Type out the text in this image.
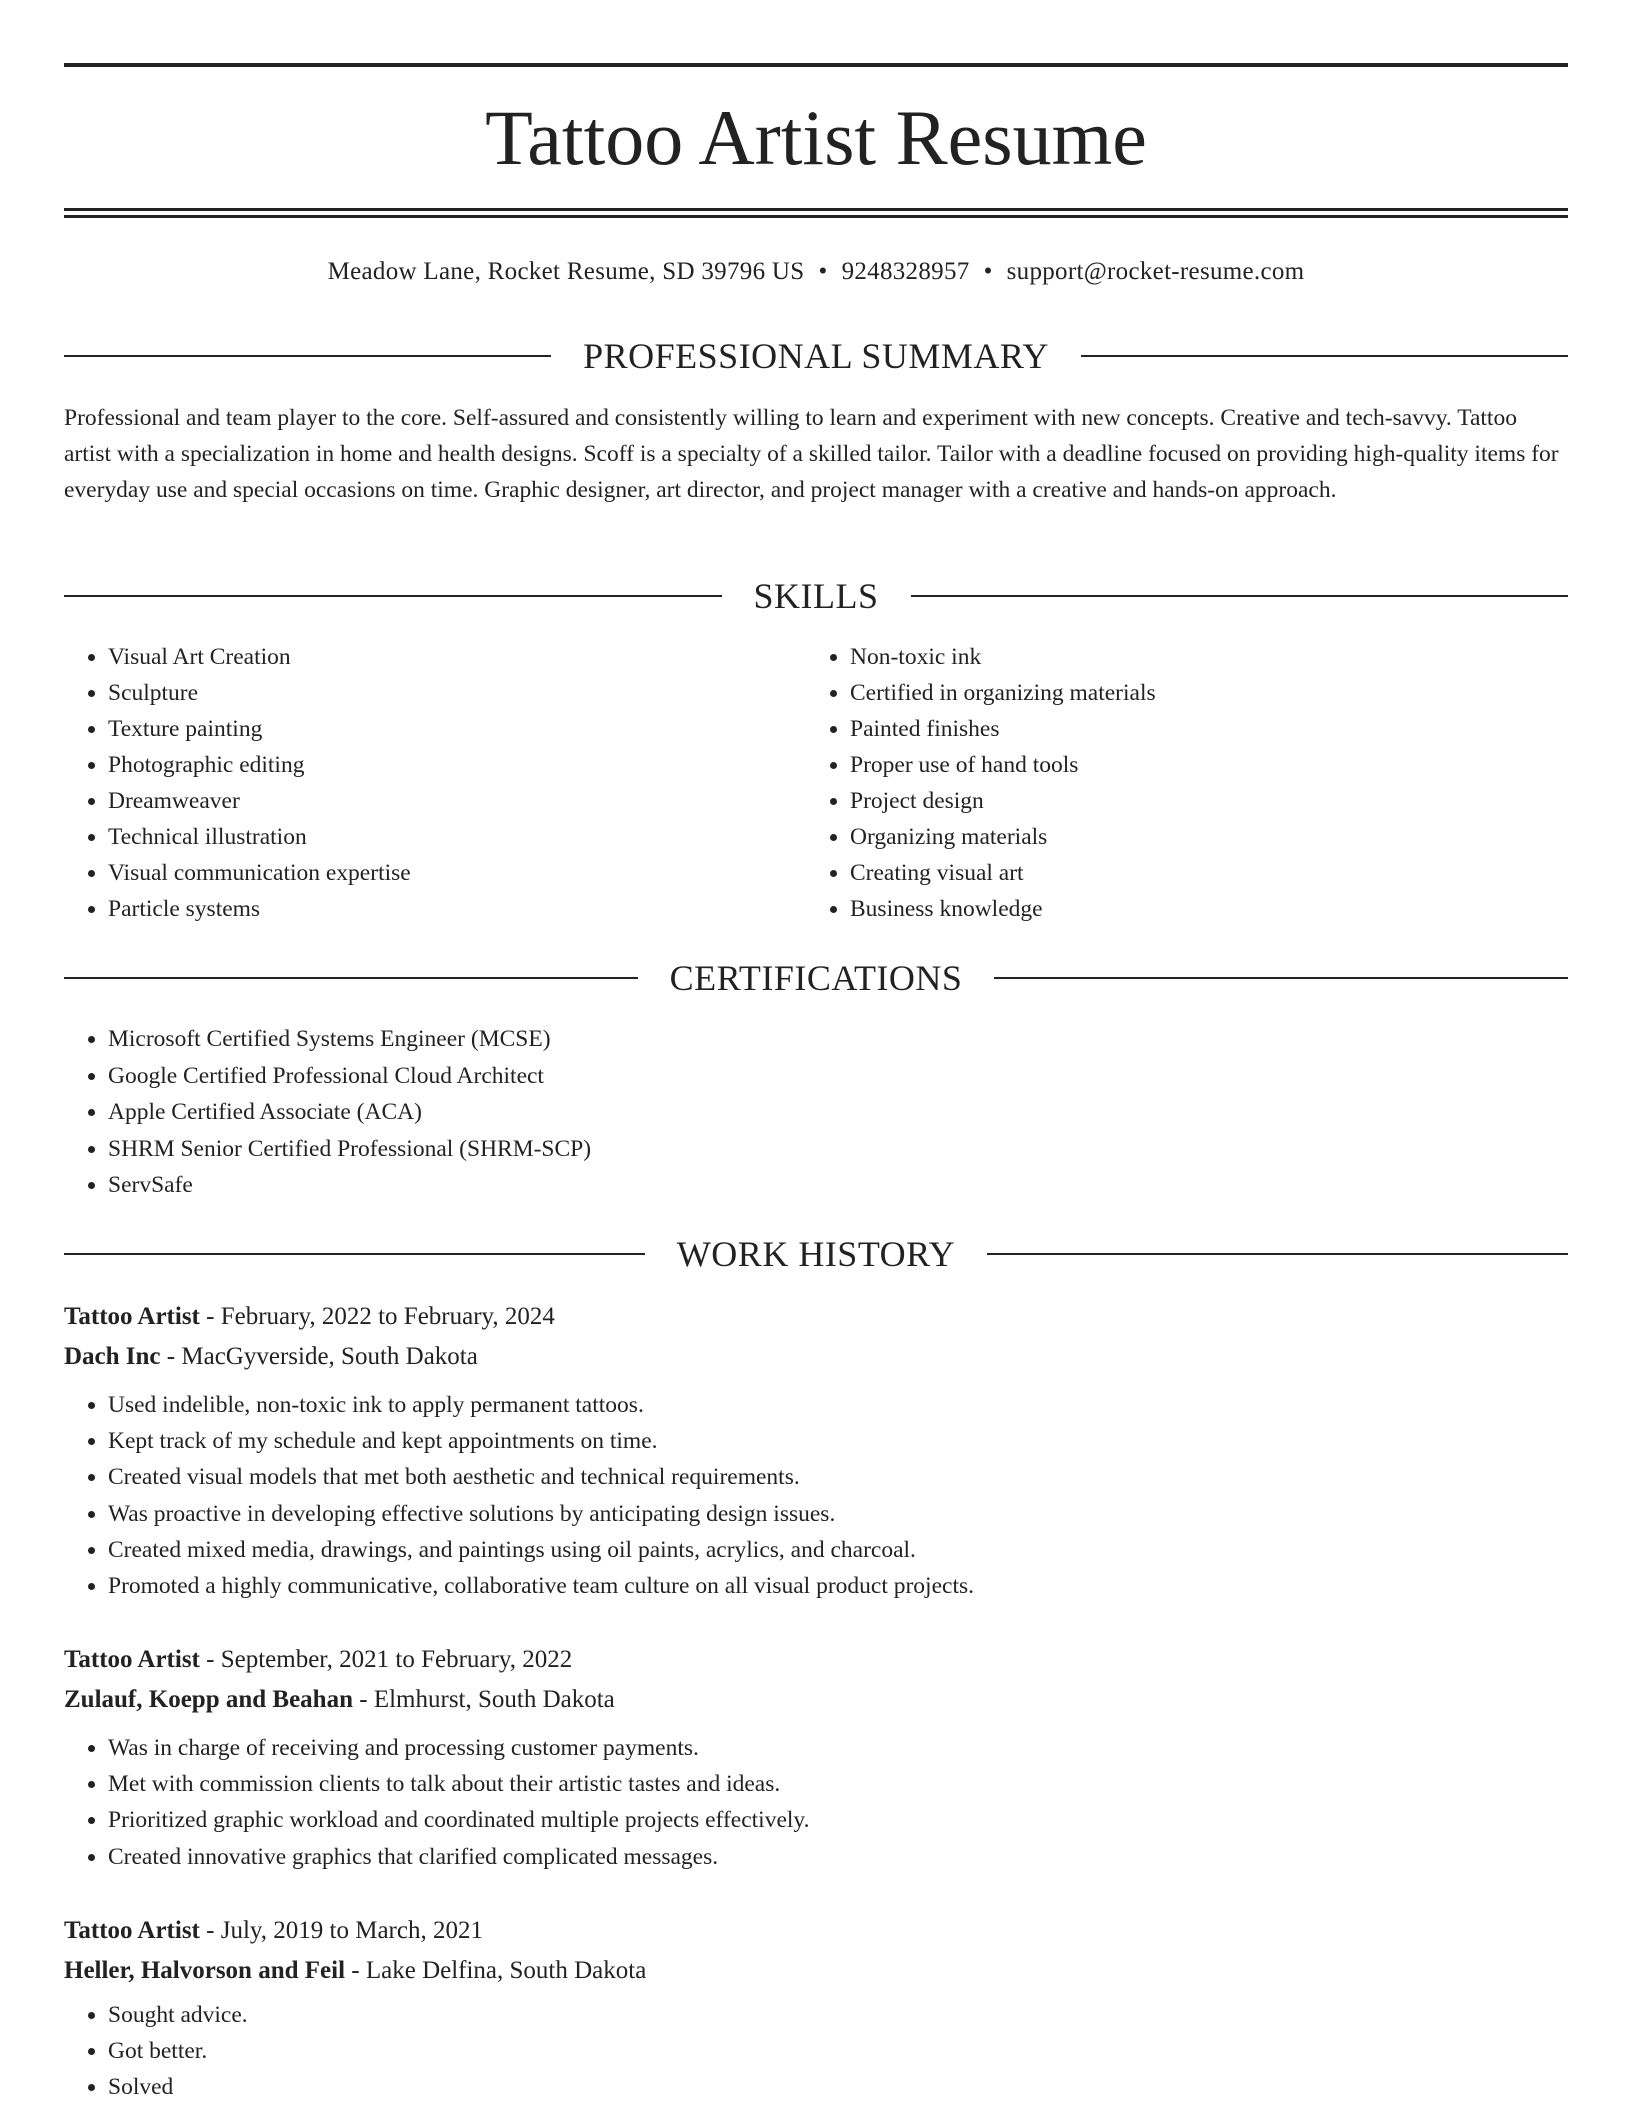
Tattoo Artist Resume
Meadow Lane, Rocket Resume, SD 39796 US • 9248328957 • support@rocket-resume.com
PROFESSIONAL SUMMARY

Professional and team player to the core. Self-assured and consistently willing to learn and experiment with new concepts. Creative and tech-savvy. Tattoo artist with a specialization in home and health designs. Scoff is a specialty of a skilled tailor. Tailor with a deadline focused on providing high-quality items for everyday use and special occasions on time. Graphic designer, art director, and project manager with a creative and hands-on approach.

SKILLS
• Visual Art Creation
• Sculpture
• Texture painting
• Photographic editing
• Dreamweaver
• Technical illustration
• Visual communication expertise
• Particle systems
• Non-toxic ink
• Certified in organizing materials
• Painted finishes
• Proper use of hand tools
• Project design
• Organizing materials
• Creating visual art
• Business knowledge
CERTIFICATIONS
• Microsoft Certified Systems Engineer (MCSE)
• Google Certified Professional Cloud Architect
• Apple Certified Associate (ACA)
• SHRM Senior Certified Professional (SHRM-SCP)
• ServSafe
WORK HISTORY

Tattoo Artist - February, 2022 to February, 2024

Dach Inc - MacGyverside, South Dakota

• Used indelible, non-toxic ink to apply permanent tattoos.
• Kept track of my schedule and kept appointments on time.
• Created visual models that met both aesthetic and technical requirements.
• Was proactive in developing effective solutions by anticipating design issues.
• Created mixed media, drawings, and paintings using oil paints, acrylics, and charcoal.
• Promoted a highly communicative, collaborative team culture on all visual product projects.

Tattoo Artist - September, 2021 to February, 2022

Zulauf, Koepp and Beahan - Elmhurst, South Dakota

• Was in charge of receiving and processing customer payments.
• Met with commission clients to talk about their artistic tastes and ideas.
• Prioritized graphic workload and coordinated multiple projects effectively.
• Created innovative graphics that clarified complicated messages.

Tattoo Artist - July, 2019 to March, 2021

Heller, Halvorson and Feil - Lake Delfina, South Dakota

• Sought advice.
• Got better.
• Solved
